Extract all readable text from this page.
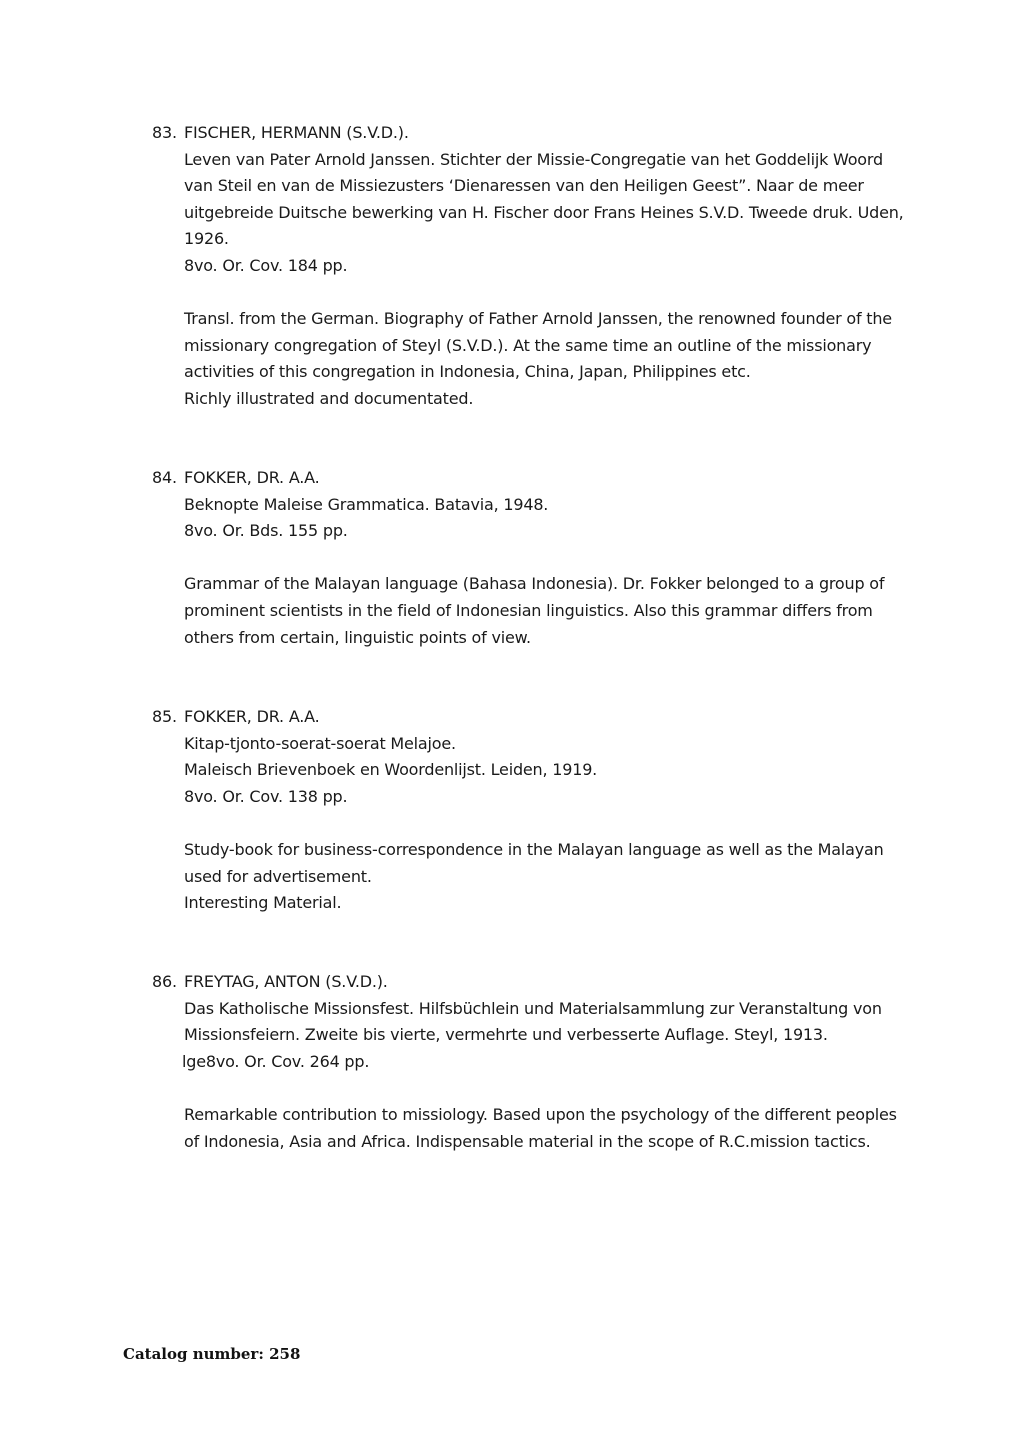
83. FISCHER, HERMANN (S.V.D.).
Leven van Pater Arnold Janssen. Stichter der Missie-Congregatie van het Goddelijk Woord
van Steil en van de Missiezusters ‘Dienaressen van den Heiligen Geest”. Naar de meer
uitgebreide Duitsche bewerking van H. Fischer door Frans Heines S.V.D. Tweede druk. Uden,
1926.
8vo. Or. Cov. 184 pp.
Transl. from the German. Biography of Father Arnold Janssen, the renowned founder of the
missionary congregation of Steyl (S.V.D.). At the same time an outline of the missionary
activities of this congregation in Indonesia, China, Japan, Philippines etc.
Richly illustrated and documentated.
84. FOKKER, DR. A.A.
Beknopte Maleise Grammatica. Batavia, 1948.
8vo. Or. Bds. 155 pp.
Grammar of the Malayan language (Bahasa Indonesia). Dr. Fokker belonged to a group of
prominent scientists in the field of Indonesian linguistics. Also this grammar differs from
others from certain, linguistic points of view.
85. FOKKER, DR. A.A.
Kitap-tjonto-soerat-soerat Melajoe.
Maleisch Brievenboek en Woordenlijst. Leiden, 1919.
8vo. Or. Cov. 138 pp.
Study-book for business-correspondence in the Malayan language as well as the Malayan
used for advertisement.
Interesting Material.
86. FREYTAG, ANTON (S.V.D.).
Das Katholische Missionsfest. Hilfsbüchlein und Materialsammlung zur Veranstaltung von
Missionsfeiern. Zweite bis vierte, vermehrte und verbesserte Auflage. Steyl, 1913.
lge8vo. Or. Cov. 264 pp.
Remarkable contribution to missiology. Based upon the psychology of the different peoples
of Indonesia, Asia and Africa. Indispensable material in the scope of R.C.mission tactics.
Catalog number: 258
